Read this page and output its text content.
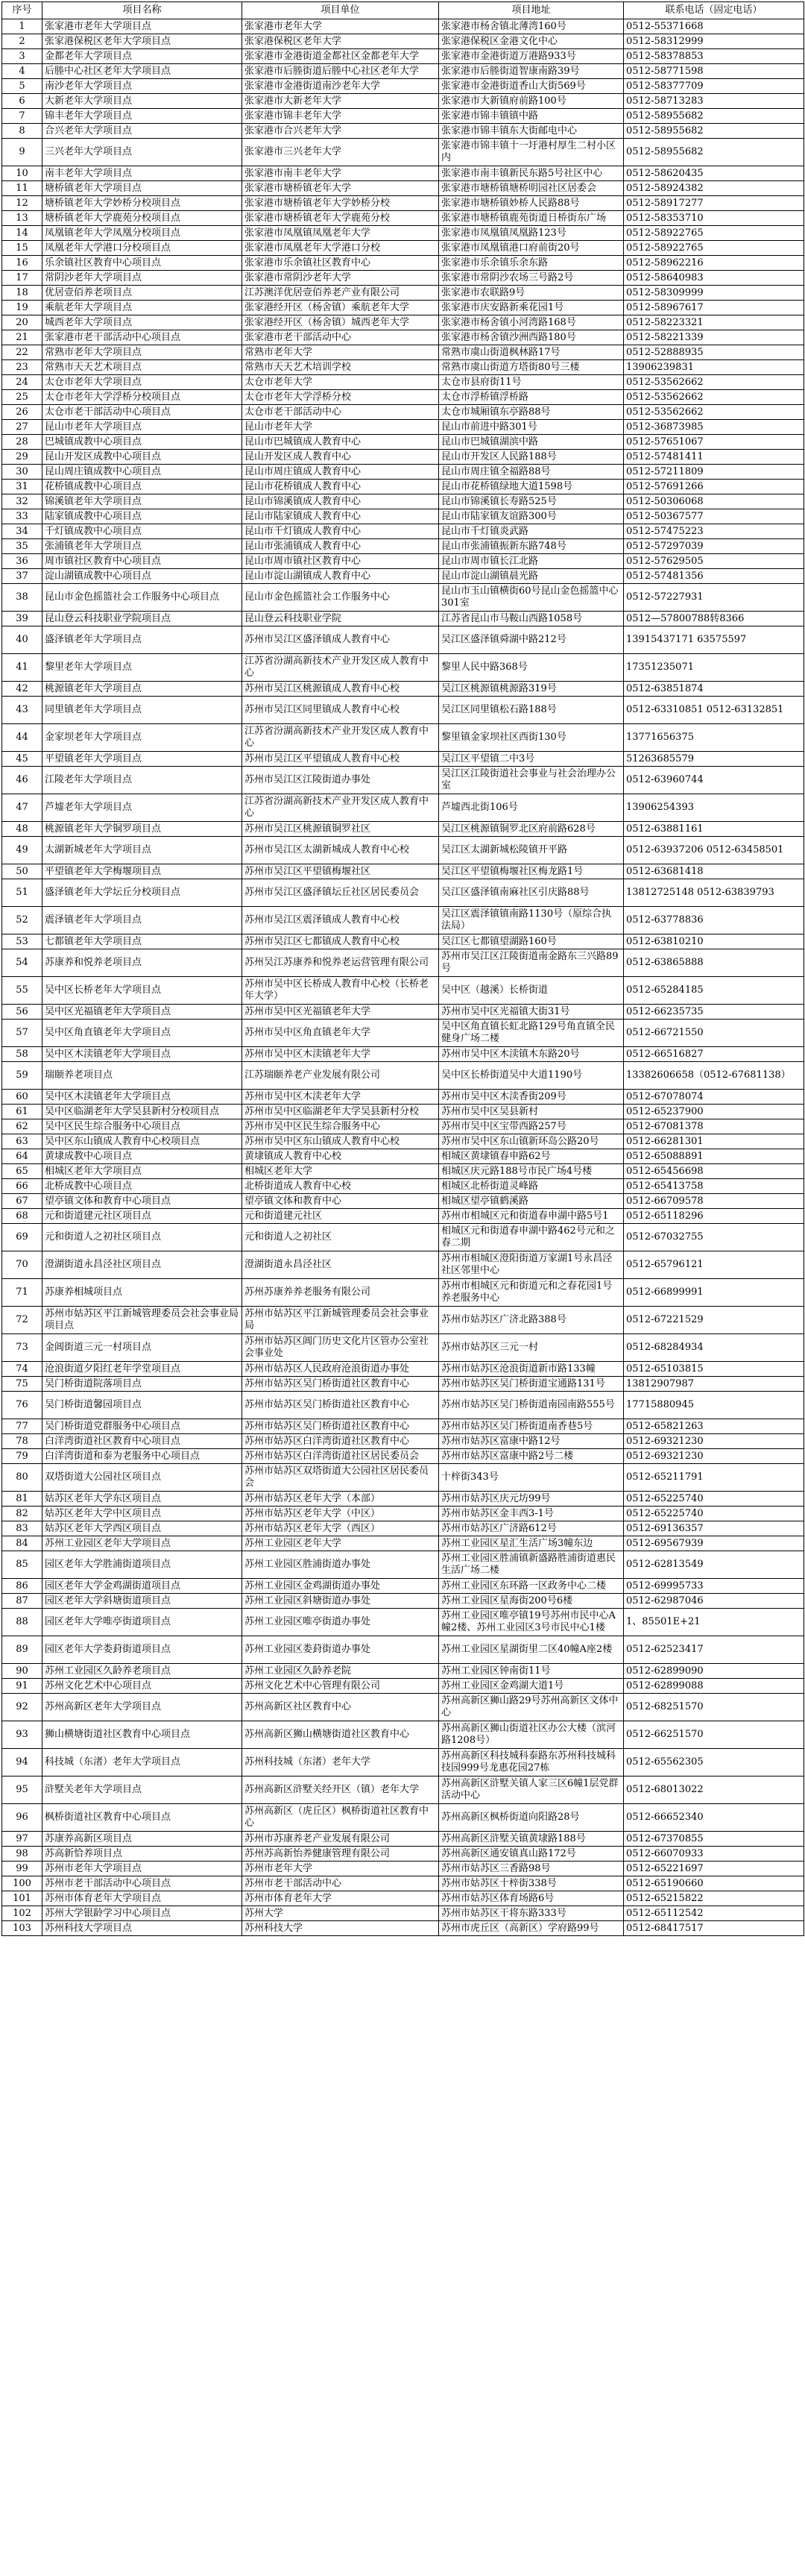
序号	项目名称	项目单位	项目地址	联系电话（固定电话）
1	张家港市老年大学项目点	张家港市老年大学	张家港市杨舍镇北薄湾160号	0512-55371668
2	张家港保税区老年大学项目点	张家港保税区老年大学	张家港保税区金港文化中心	0512-58312999
3	金都老年大学项目点	张家港市金港街道金都社区金都老年大学	张家港市金港街道万港路933号	0512-58378853
4	后塍中心社区老年大学项目点	张家港市后塍街道后塍中心社区老年大学	张家港市后塍街道智康南路39号	0512-58771598
5	南沙老年大学项目点	张家港市金港街道南沙老年大学	张家港市金港街道香山大街569号	0512-58377709
6	大新老年大学项目点	张家港市大新老年大学	张家港市大新镇府前路100号	0512-58713283
7	锦丰老年大学项目点	张家港市锦丰老年大学	张家港市锦丰镇镇中路	0512-58955682
8	合兴老年大学项目点	张家港市合兴老年大学	张家港市锦丰镇东大街邮电中心	0512-58955682
9	三兴老年大学项目点	张家港市三兴老年大学	张家港市锦丰镇十一圩港村厚生二村小区内	0512-58955682
10	南丰老年大学项目点	张家港市南丰老年大学	张家港市南丰镇新民东路5号社区中心	0512-58620435
11	塘桥镇老年大学项目点	张家港市塘桥镇老年大学	张家港市塘桥镇塘桥明园社区居委会	0512-58924382
12	塘桥镇老年大学妙桥分校项目点	张家港市塘桥镇老年大学妙桥分校	张家港市塘桥镇妙桥人民路88号	0512-58917277
13	塘桥镇老年大学鹿苑分校项目点	张家港市塘桥镇老年大学鹿苑分校	张家港市塘桥镇鹿苑街道日桥街东广场	0512-58353710
14	凤凰镇老年大学凤凰分校项目点	张家港市凤凰镇凤凰老年大学	张家港市凤凰镇凤凰路123号	0512-58922765
15	凤凰老年大学港口分校项目点	张家港市凤凰老年大学港口分校	张家港市凤凰镇港口府前街20号	0512-58922765
16	乐余镇社区教育中心项目点	张家港市乐余镇社区教育中心	张家港市乐余镇乐余东路	0512-58962216
17	常阴沙老年大学项目点	张家港市常阴沙老年大学	张家港市常阴沙农场三号路2号	0512-58640983
18	优居壹佰养老项目点	江苏澳洋优居壹佰养老产业有限公司	张家港市农联路9号	0512-58309999
19	乘航老年大学项目点	张家港经开区（杨舍镇）乘航老年大学	张家港市庆安路新乘花园1号	0512-58967617
20	城西老年大学项目点	张家港经开区（杨舍镇）城西老年大学	张家港市杨舍镇小河湾路168号	0512-58223321
21	张家港市老干部活动中心项目点	张家港市老干部活动中心	张家港市杨舍镇沙洲西路180号	0512-58221339
22	常熟市老年大学项目点	常熟市老年大学	常熟市虞山街道枫林路17号	0512-52888935
23	常熟市天天艺术项目点	常熟市天天艺术培训学校	常熟市虞山街道方塔街80号三楼	13906239831
24	太仓市老年大学项目点	太仓市老年大学	太仓市县府街11号	0512-53562662
25	太仓市老年大学浮桥分校项目点	太仓市老年大学浮桥分校	太仓市浮桥镇浮桥路	0512-53562662
26	太仓市老干部活动中心项目点	太仓市老干部活动中心	太仓市城厢镇东亭路88号	0512-53562662
27	昆山市老年大学项目点	昆山市老年大学	昆山市前进中路301号	0512-36873985
28	巴城镇成教中心项目点	昆山市巴城镇成人教育中心	昆山市巴城镇湖滨中路	0512-57651067
29	昆山开发区成教中心项目点	昆山开发区成人教育中心	昆山市开发区人民路188号	0512-57481411
30	昆山周庄镇成教中心项目点	昆山市周庄镇成人教育中心	昆山市周庄镇全福路88号	0512-57211809
31	花桥镇成教中心项目点	昆山市花桥镇成人教育中心	昆山市花桥镇绿地大道1598号	0512-57691266
32	锦溪镇老年大学项目点	昆山市锦溪镇成人教育中心	昆山市锦溪镇长寿路525号	0512-50306068
33	陆家镇成教中心项目点	昆山市陆家镇成人教育中心	昆山市陆家镇友谊路300号	0512-50367577
34	千灯镇成教中心项目点	昆山市千灯镇成人教育中心	昆山市千灯镇炎武路	0512-57475223
35	张浦镇老年大学项目点	昆山市张浦镇成人教育中心	昆山市张浦镇振新东路748号	0512-57297039
36	周市镇社区教育中心项目点	昆山市周市镇社区教育中心	昆山市周市镇长江北路	0512-57629505
37	淀山湖镇成教中心项目点	昆山市淀山湖镇成人教育中心	昆山市淀山湖镇晨光路	0512-57481356
38	昆山市金色摇篮社会工作服务中心项目点	昆山市金色摇篮社会工作服务中心	昆山市玉山镇横街60号昆山金色摇篮中心301室	0512-57227931
39	昆山登云科技职业学院项目点	昆山登云科技职业学院	江苏省昆山市马鞍山西路1058号	0512—57800788转8366
40	盛泽镇老年大学项目点	苏州市吴江区盛泽镇成人教育中心	吴江区盛泽镇舜湖中路212号	13915437171 63575597
41	黎里老年大学项目点	江苏省汾湖高新技术产业开发区成人教育中心	黎里人民中路368号	17351235071
42	桃源镇老年大学项目点	苏州市吴江区桃源镇成人教育中心校	吴江区桃源镇桃源路319号	0512-63851874
43	同里镇老年大学项目点	苏州市吴江区同里镇成人教育中心校	吴江区同里镇松石路188号	0512-63310851 0512-63132851
44	金家坝老年大学项目点	江苏省汾湖高新技术产业开发区成人教育中心	黎里镇金家坝社区西街130号	13771656375
45	平望镇老年大学项目点	苏州市吴江区平望镇成人教育中心校	吴江区平望镇二中3号	51263685579
46	江陵老年大学项目点	苏州市吴江区江陵街道办事处	吴江区江陵街道社会事业与社会治理办公室	0512-63960744
47	芦墟老年大学项目点	江苏省汾湖高新技术产业开发区成人教育中心	芦墟西北街106号	13906254393
48	桃源镇老年大学铜罗项目点	苏州市吴江区桃源镇铜罗社区	吴江区桃源镇铜罗北区府前路628号	0512-63881161
49	太湖新城老年大学项目点	苏州市吴江区太湖新城成人教育中心校	吴江区太湖新城松陵镇开平路	0512-63937206 0512-63458501
50	平望镇老年大学梅堰项目点	苏州市吴江区平望镇梅堰社区	吴江区平望镇梅堰社区梅龙路1号	0512-63681418
51	盛泽镇老年大学坛丘分校项目点	苏州市吴江区盛泽镇坛丘社区居民委员会	吴江区盛泽镇南麻社区引庆路88号	13812725148 0512-63839793
52	震泽镇老年大学项目点	苏州市吴江区震泽镇成人教育中心校	吴江区震泽镇镇南路1130号（原综合执法局）	0512-63778836
53	七都镇老年大学项目点	苏州市吴江区七都镇成人教育中心校	吴江区七都镇望湖路160号	0512-63810210
54	苏康养和悦养老项目点	苏州吴江苏康养和悦养老运营管理有限公司	苏州市吴江区江陵街道南金路东三兴路89号	0512-63865888
55	吴中区长桥老年大学项目点	苏州市吴中区长桥成人教育中心校（长桥老年大学）	吴中区（越溪）长桥街道	0512-65284185
56	吴中区光福镇老年大学项目点	苏州市吴中区光福镇老年大学	苏州市吴中区光福镇大街31号	0512-66235735
57	吴中区角直镇老年大学项目点	苏州市吴中区角直镇老年大学	吴中区角直镇长虹北路129号角直镇全民健身广场二楼	0512-66721550
58	吴中区木渎镇老年大学项目点	苏州市吴中区木渎镇老年大学	苏州市吴中区木渎镇木东路20号	0512-66516827
59	瑞颐养老项目点	江苏瑞颐养老产业发展有限公司	吴中区长桥街道吴中大道1190号	13382606658（0512-67681138）
60	吴中区木渎镇老年大学项目点	苏州市吴中区木渎老年大学	苏州市吴中区木渎香街209号	0512-67078074
61	吴中区临湖老年大学吴县新村分校项目点	苏州市吴中区临湖老年大学吴县新村分校	苏州市吴中区吴县新村	0512-65237900
62	吴中区民生综合服务中心项目点	苏州市吴中区民生综合服务中心	苏州市吴中区宝带西路257号	0512-67081378
63	吴中区东山镇成人教育中心校项目点	苏州市吴中区东山镇成人教育中心校	苏州市吴中区东山镇新环岛公路20号	0512-66281301
64	黄埭成教中心项目点	黄埭镇成人教育中心校	相城区黄埭镇春申路62号	0512-65088891
65	相城区老年大学项目点	相城区老年大学	相城区庆元路188号市民广场4号楼	0512-65456698
66	北桥成教中心项目点	北桥街道成人教育中心校	相城区北桥街道灵峰路	0512-65413758
67	望亭镇文体和教育中心项目点	望亭镇文体和教育中心	相城区望亭镇鹤溪路	0512-66709578
68	元和街道建元社区项目点	元和街道建元社区	苏州市相城区元和街道春申湖中路5号1	0512-65118296
69	元和街道人之初社区项目点	元和街道人之初社区	相城区元和街道春申湖中路462号元和之春二期	0512-67032755
70	澄湖街道永昌泾社区项目点	澄湖街道永昌泾社区	苏州市相城区澄阳街道万家湖1号永昌泾社区邻里中心	0512-65796121
71	苏康养相城项目点	苏州苏康养养老服务有限公司	苏州市相城区元和街道元和之春花园1号养老服务中心	0512-66899991
72	苏州市姑苏区平江新城管理委员会社会事业局项目点	苏州市姑苏区平江新城管理委员会社会事业局	苏州市姑苏区广济北路388号	0512-67221529
73	金阊街道三元一村项目点	苏州市姑苏区阊门历史文化片区管办公室社会事业处	苏州市姑苏区三元一村	0512-68284934
74	沧浪街道夕阳红老年学堂项目点	苏州市姑苏区人民政府沧浪街道办事处	苏州市姑苏区沧浪街道新市路133幢	0512-65103815
75	吴门桥街道院落项目点	苏州市姑苏区吴门桥街道社区教育中心	苏州市姑苏区吴门桥街道宝通路131号	13812907987
76	吴门桥街道馨园项目点	苏州市姑苏区吴门桥街道社区教育中心	苏州市姑苏区吴门桥街道南园南路555号	17715880945
77	吴门桥街道党群服务中心项目点	苏州市姑苏区吴门桥街道社区教育中心	苏州市姑苏区吴门桥街道南香巷5号	0512-65821263
78	白洋湾街道社区教育中心项目点	苏州市姑苏区白洋湾街道社区教育中心	苏州市姑苏区富康中路12号	0512-69321230
79	白洋湾街道和泰为老服务中心项目点	苏州市姑苏区白洋湾街道社区居民委员会	苏州市姑苏区富康中路2号二楼	0512-69321230
80	双塔街道大公园社区项目点	苏州市姑苏区双塔街道大公园社区居民委员会	十梓街343号	0512-65211791
81	姑苏区老年大学东区项目点	苏州市姑苏区老年大学（本部）	苏州市姑苏区庆元坊99号	0512-65225740
82	姑苏区老年大学中区项目点	苏州市姑苏区老年大学（中区）	苏州市姑苏区金丰西3-1号	0512-65225740
83	姑苏区老年大学西区项目点	苏州市姑苏区老年大学（西区）	苏州市姑苏区广济路612号	0512-69136357
84	苏州工业园区老年大学项目点	苏州工业园区老年大学	苏州工业园区星汇生活广场3幢东边	0512-69567939
85	园区老年大学胜浦街道项目点	苏州工业园区胜浦街道办事处	苏州工业园区胜浦镇新盛路胜浦街道惠民生活广场二楼	0512-62813549
86	园区老年大学金鸡湖街道项目点	苏州工业园区金鸡湖街道办事处	苏州工业园区东环路一区政务中心二楼	0512-69995733
87	园区老年大学斜塘街道项目点	苏州工业园区斜塘街道办事处	苏州工业园区星海街200号6楼	0512-62987046
88	园区老年大学唯亭街道项目点	苏州工业园区唯亭街道办事处	苏州工业园区唯亭镇19号苏州市民中心A幢2楼、苏州工业园区3号市民中心1楼	1、85501E+21
89	园区老年大学娄葑街道项目点	苏州工业园区娄葑街道办事处	苏州工业园区星湖街里二区40幢A座2楼	0512-62523417
90	苏州工业园区久龄养老项目点	苏州工业园区久龄养老院	苏州工业园区钟南街11号	0512-62899090
91	苏州文化艺术中心项目点	苏州文化艺术中心管理有限公司	苏州工业园区金鸡湖大道1号	0512-62899088
92	苏州高新区老年大学项目点	苏州高新区社区教育中心	苏州高新区狮山路29号苏州高新区文体中心	0512-68251570
93	狮山横塘街道社区教育中心项目点	苏州高新区狮山横塘街道社区教育中心	苏州高新区狮山街道社区办公大楼（滨河路1208号）	0512-66251570
94	科技城（东渚）老年大学项目点	苏州科技城（东渚）老年大学	苏州高新区科技城科泰路东苏州科技城科技园999号龙惠花园27栋	0512-65562305
95	浒墅关老年大学项目点	苏州高新区浒墅关经开区（镇）老年大学	苏州高新区浒墅关镇人家三区6幢1层党群活动中心	0512-68013022
96	枫桥街道社区教育中心项目点	苏州高新区（虎丘区）枫桥街道社区教育中心	苏州高新区枫桥街道向阳路28号	0512-66652340
97	苏康养高新区项目点	苏州市苏康养老产业发展有限公司	苏州高新区浒墅关镇黄埭路188号	0512-67370855
98	苏高新恰养项目点	苏州苏高新怡养健康管理有限公司	苏州高新区通安镇真山路172号	0512-66070933
99	苏州市老年大学项目点	苏州市老年大学	苏州市姑苏区三香路98号	0512-65221697
100	苏州市老干部活动中心项目点	苏州市老干部活动中心	苏州市姑苏区十梓街338号	0512-65190660
101	苏州市体育老年大学项目点	苏州市体育老年大学	苏州市姑苏区体育场路6号	0512-65215822
102	苏州大学银龄学习中心项目点	苏州大学	苏州市姑苏区干将东路333号	0512-65112542
103	苏州科技大学项目点	苏州科技大学	苏州市虎丘区（高新区）学府路99号	0512-68417517
